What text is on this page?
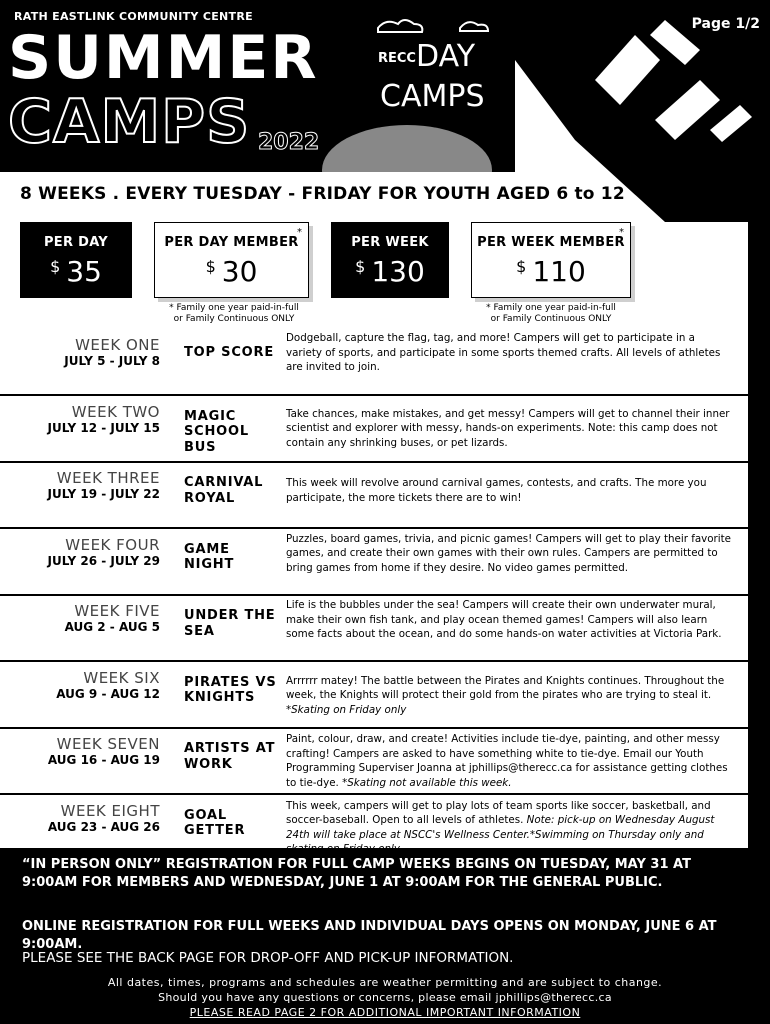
RATH EASTLINK COMMUNITY CENTRE
SUMMER
CAMPS 2022
RECC DAY
CAMPS
Page 1/2
8 WEEKS . EVERY TUESDAY - FRIDAY FOR YOUTH AGED 6 to 12
PER DAY
$ 35
PER DAY MEMBER
*
$ 30
PER WEEK
$ 130
PER WEEK MEMBER
*
$ 110
* Family one year paid-in-full
or Family Continuous ONLY
* Family one year paid-in-full
or Family Continuous ONLY
WEEK ONE
JULY 5 - JULY 8
TOP SCORE
Dodgeball, capture the flag, tag, and more! Campers will get to participate in a variety of sports, and participate in some sports themed crafts. All levels of athletes are invited to join.
WEEK TWO
JULY 12 - JULY 15
MAGIC SCHOOL BUS
Take chances, make mistakes, and get messy! Campers will get to channel their inner scientist and explorer with messy, hands-on experiments. Note: this camp does not contain any shrinking buses, or pet lizards.
WEEK THREE
JULY 19 - JULY 22
CARNIVAL ROYAL
This week will revolve around carnival games, contests, and crafts. The more you participate, the more tickets there are to win!
WEEK FOUR
JULY 26 - JULY 29
GAME NIGHT
Puzzles, board games, trivia, and picnic games! Campers will get to play their favorite games, and create their own games with their own rules. Campers are permitted to bring games from home if they desire. No video games permitted.
WEEK FIVE
AUG 2 - AUG 5
UNDER THE SEA
Life is the bubbles under the sea! Campers will create their own underwater mural, make their own fish tank, and play ocean themed games! Campers will also learn some facts about the ocean, and do some hands-on water activities at Victoria Park.
WEEK SIX
AUG 9 - AUG 12
PIRATES VS KNIGHTS
Arrrrrr matey! The battle between the Pirates and Knights continues. Throughout the week, the Knights will protect their gold from the pirates who are trying to steal it. *Skating on Friday only
WEEK SEVEN
AUG 16 - AUG 19
ARTISTS AT WORK
Paint, colour, draw, and create! Activities include tie-dye, painting, and other messy crafting! Campers are asked to have something white to tie-dye. Email our Youth Programming Superviser Joanna at jphillips@therecc.ca for assistance getting clothes to tie-dye. *Skating not available this week.
WEEK EIGHT
AUG 23 - AUG 26
GOAL GETTER
This week, campers will get to play lots of team sports like soccer, basketball, and soccer-baseball. Open to all levels of athletes. Note: pick-up on Wednesday August 24th will take place at NSCC's Wellness Center.*Swimming on Thursday only and
“IN PERSON ONLY” REGISTRATION FOR FULL CAMP WEEKS BEGINS ON TUESDAY, MAY 31 AT 9:00AM FOR MEMBERS AND WEDNESDAY, JUNE 1 AT 9:00AM FOR THE GENERAL PUBLIC.
ONLINE REGISTRATION FOR FULL WEEKS AND INDIVIDUAL DAYS OPENS ON MONDAY, JUNE 6 AT 9:00AM.
PLEASE SEE THE BACK PAGE FOR DROP-OFF AND PICK-UP INFORMATION.
All dates, times, programs and schedules are weather permitting and are subject to change.
Should you have any questions or concerns, please email jphillips@therecc.ca
PLEASE READ PAGE 2 FOR ADDITIONAL IMPORTANT INFORMATION
